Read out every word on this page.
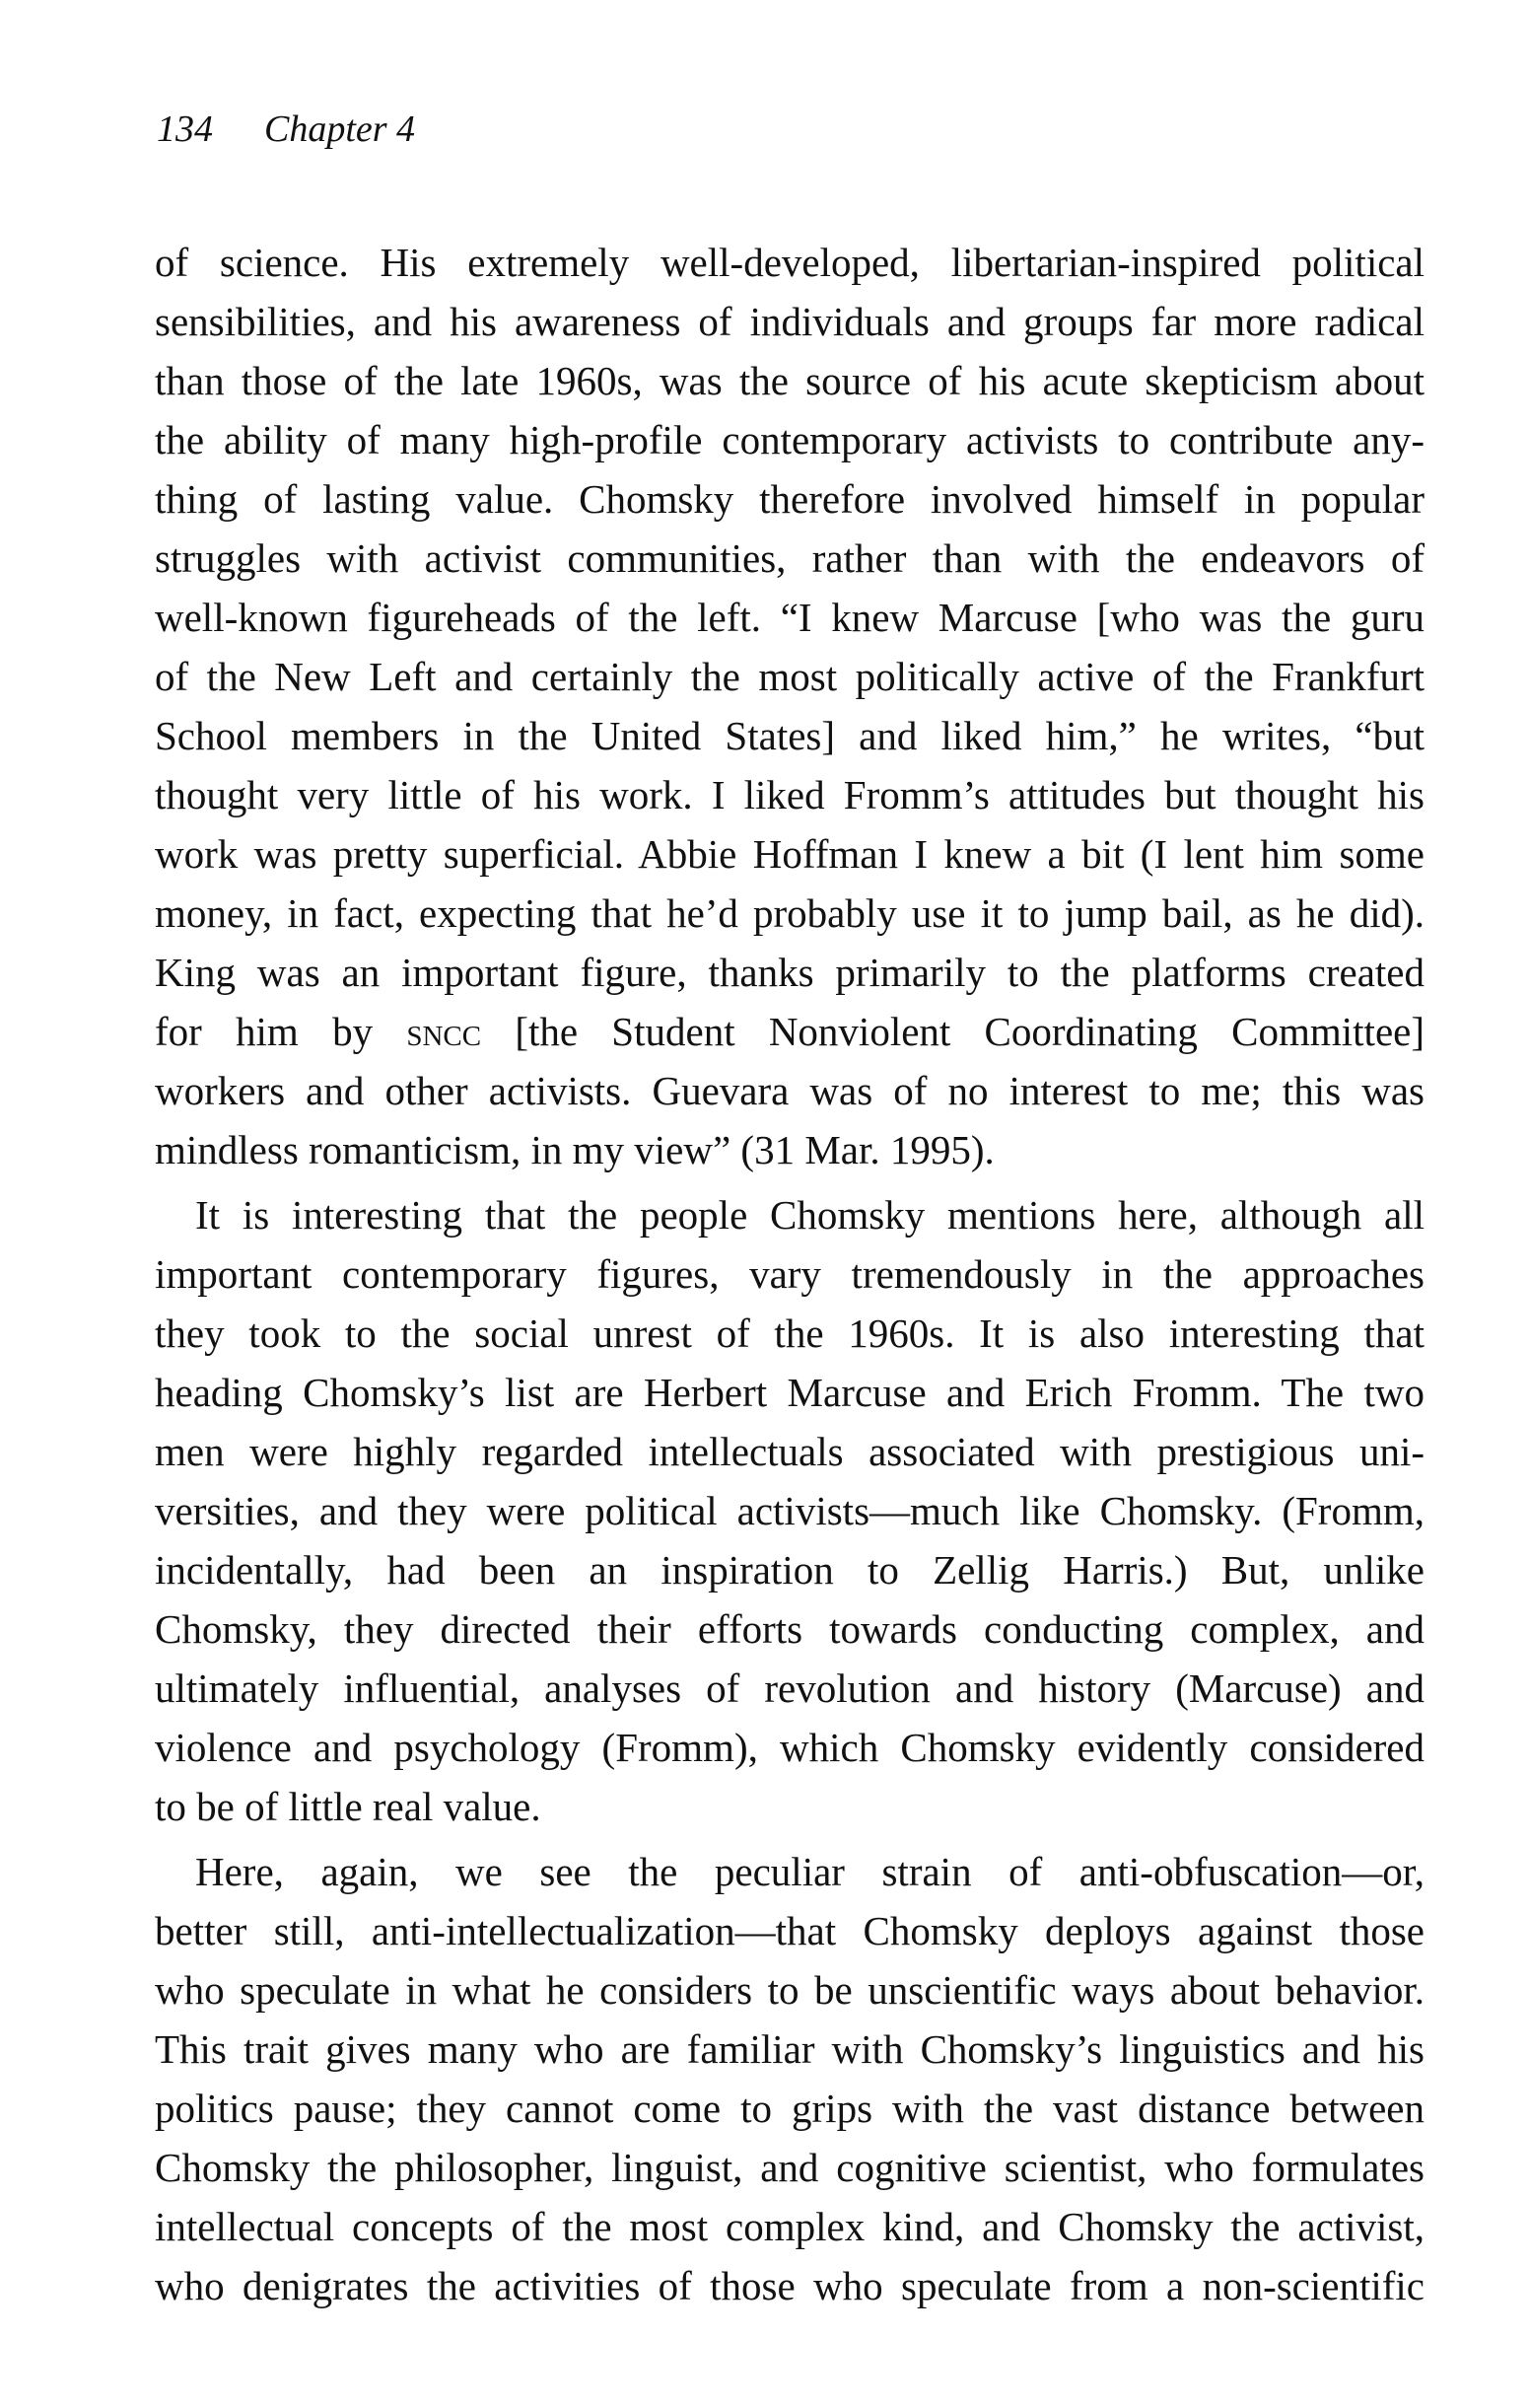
134 Chapter 4
of science. His extremely well-developed, libertarian-inspired political
sensibilities, and his awareness of individuals and groups far more radical
than those of the late 1960s, was the source of his acute skepticism about
the ability of many high-profile contemporary activists to contribute any-
thing of lasting value. Chomsky therefore involved himself in popular
struggles with activist communities, rather than with the endeavors of
well-known figureheads of the left. “I knew Marcuse [who was the guru
of the New Left and certainly the most politically active of the Frankfurt
School members in the United States] and liked him,” he writes, “but
thought very little of his work. I liked Fromm’s attitudes but thought his
work was pretty superficial. Abbie Hoffman I knew a bit (I lent him some
money, in fact, expecting that he’d probably use it to jump bail, as he did).
King was an important figure, thanks primarily to the platforms created
for him by sncc [the Student Nonviolent Coordinating Committee]
workers and other activists. Guevara was of no interest to me; this was
mindless romanticism, in my view” (31 Mar. 1995).
It is interesting that the people Chomsky mentions here, although all
important contemporary figures, vary tremendously in the approaches
they took to the social unrest of the 1960s. It is also interesting that
heading Chomsky’s list are Herbert Marcuse and Erich Fromm. The two
men were highly regarded intellectuals associated with prestigious uni-
versities, and they were political activists—much like Chomsky. (Fromm,
incidentally, had been an inspiration to Zellig Harris.) But, unlike
Chomsky, they directed their efforts towards conducting complex, and
ultimately influential, analyses of revolution and history (Marcuse) and
violence and psychology (Fromm), which Chomsky evidently considered
to be of little real value.
Here, again, we see the peculiar strain of anti-obfuscation—or,
better still, anti-intellectualization—that Chomsky deploys against those
who speculate in what he considers to be unscientific ways about behavior.
This trait gives many who are familiar with Chomsky’s linguistics and his
politics pause; they cannot come to grips with the vast distance between
Chomsky the philosopher, linguist, and cognitive scientist, who formulates
intellectual concepts of the most complex kind, and Chomsky the activist,
who denigrates the activities of those who speculate from a non-scientific
